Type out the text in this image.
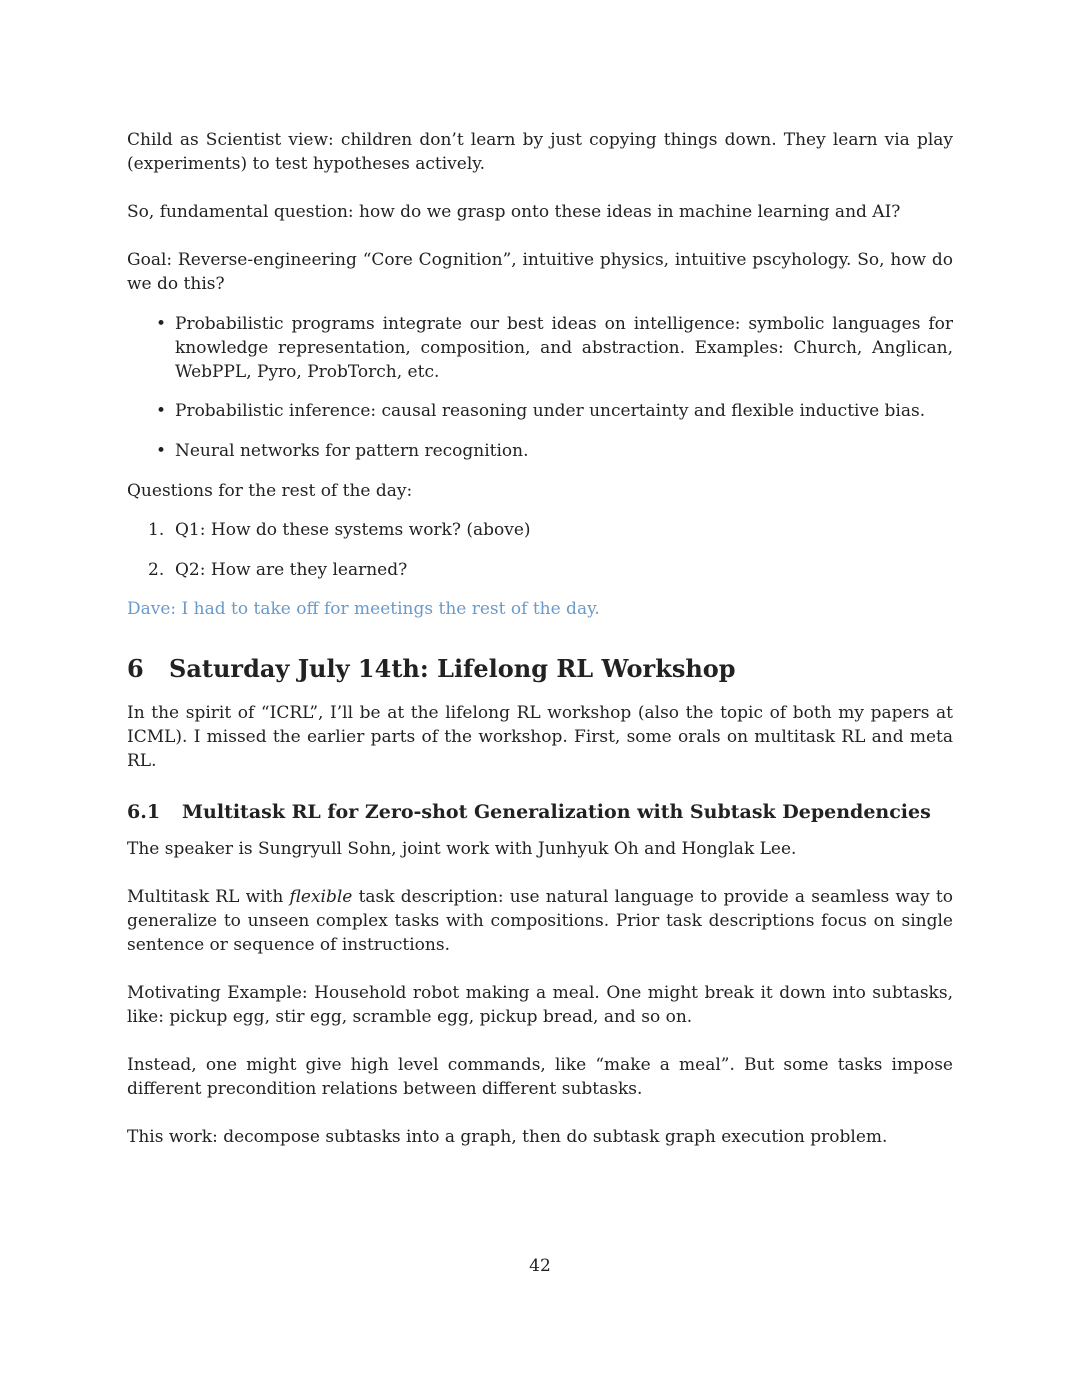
Child as Scientist view: children don’t learn by just copying things down. They learn via play (experiments) to test hypotheses actively.

So, fundamental question: how do we grasp onto these ideas in machine learning and AI?

Goal: Reverse-engineering “Core Cognition”, intuitive physics, intuitive pscyhology. So, how do we do this?

• Probabilistic programs integrate our best ideas on intelligence: symbolic languages for knowledge representation, composition, and abstraction. Examples: Church, Anglican, WebPPL, Pyro, ProbTorch, etc.

• Probabilistic inference: causal reasoning under uncertainty and flexible inductive bias.

• Neural networks for pattern recognition.

Questions for the rest of the day:

1. Q1: How do these systems work? (above)

2. Q2: How are they learned?

Dave: I had to take off for meetings the rest of the day.

6 Saturday July 14th: Lifelong RL Workshop

In the spirit of “ICRL”, I’ll be at the lifelong RL workshop (also the topic of both my papers at ICML). I missed the earlier parts of the workshop. First, some orals on multitask RL and meta RL.

6.1 Multitask RL for Zero-shot Generalization with Subtask Dependencies

The speaker is Sungryull Sohn, joint work with Junhyuk Oh and Honglak Lee.

Multitask RL with flexible task description: use natural language to provide a seamless way to generalize to unseen complex tasks with compositions. Prior task descriptions focus on single sentence or sequence of instructions.

Motivating Example: Household robot making a meal. One might break it down into subtasks, like: pickup egg, stir egg, scramble egg, pickup bread, and so on.

Instead, one might give high level commands, like “make a meal”. But some tasks impose different precondition relations between different subtasks.

This work: decompose subtasks into a graph, then do subtask graph execution problem.

42
